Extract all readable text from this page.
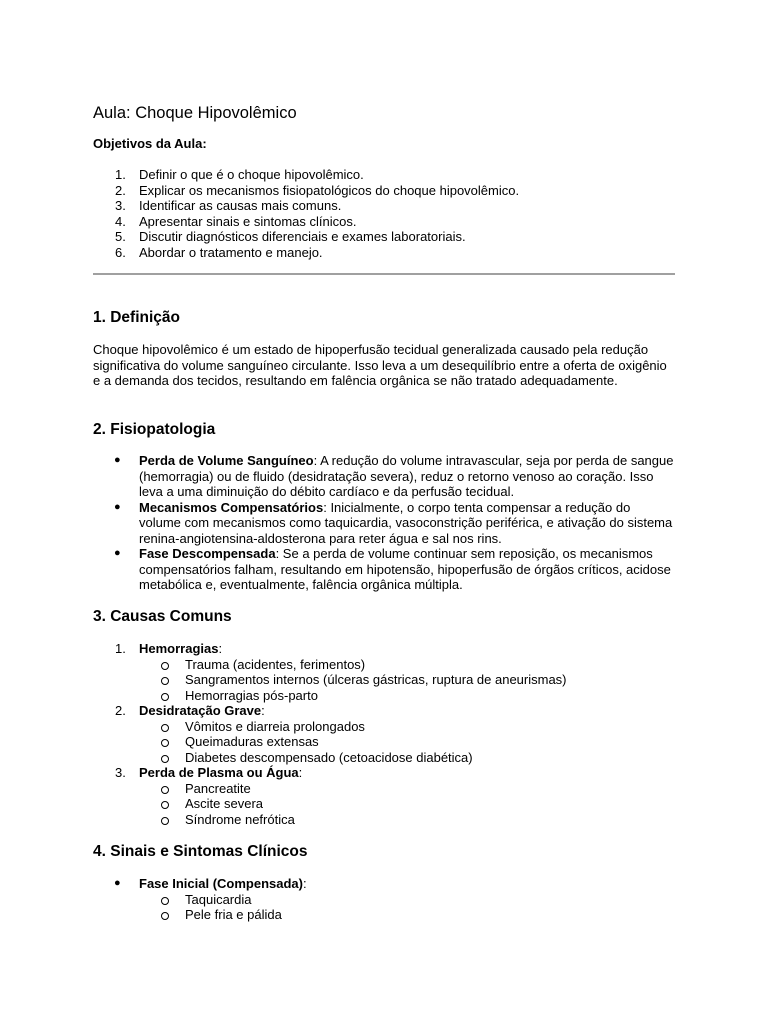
Aula: Choque Hipovolêmico
Objetivos da Aula:
1. Definir o que é o choque hipovolêmico.
2. Explicar os mecanismos fisiopatológicos do choque hipovolêmico.
3. Identificar as causas mais comuns.
4. Apresentar sinais e sintomas clínicos.
5. Discutir diagnósticos diferenciais e exames laboratoriais.
6. Abordar o tratamento e manejo.
1. Definição

Choque hipovolêmico é um estado de hipoperfusão tecidual generalizada causado pela redução significativa do volume sanguíneo circulante. Isso leva a um desequilíbrio entre a oferta de oxigênio e a demanda dos tecidos, resultando em falência orgânica se não tratado adequadamente.

2. Fisiopatologia
● Perda de Volume Sanguíneo: A redução do volume intravascular, seja por perda de sangue (hemorragia) ou de fluido (desidratação severa), reduz o retorno venoso ao coração. Isso leva a uma diminuição do débito cardíaco e da perfusão tecidual.
● Mecanismos Compensatórios: Inicialmente, o corpo tenta compensar a redução do volume com mecanismos como taquicardia, vasoconstrição periférica, e ativação do sistema renina-angiotensina-aldosterona para reter água e sal nos rins.
● Fase Descompensada: Se a perda de volume continuar sem reposição, os mecanismos compensatórios falham, resultando em hipotensão, hipoperfusão de órgãos críticos, acidose metabólica e, eventualmente, falência orgânica múltipla.
3. Causas Comuns
1. Hemorragias:
Trauma (acidentes, ferimentos)
Sangramentos internos (úlceras gástricas, ruptura de aneurismas)
Hemorragias pós-parto
2. Desidratação Grave:
Vômitos e diarreia prolongados
Queimaduras extensas
Diabetes descompensado (cetoacidose diabética)
3. Perda de Plasma ou Água:
Pancreatite
Ascite severa
Síndrome nefrótica
4. Sinais e Sintomas Clínicos
● Fase Inicial (Compensada):
Taquicardia
Pele fria e pálida
